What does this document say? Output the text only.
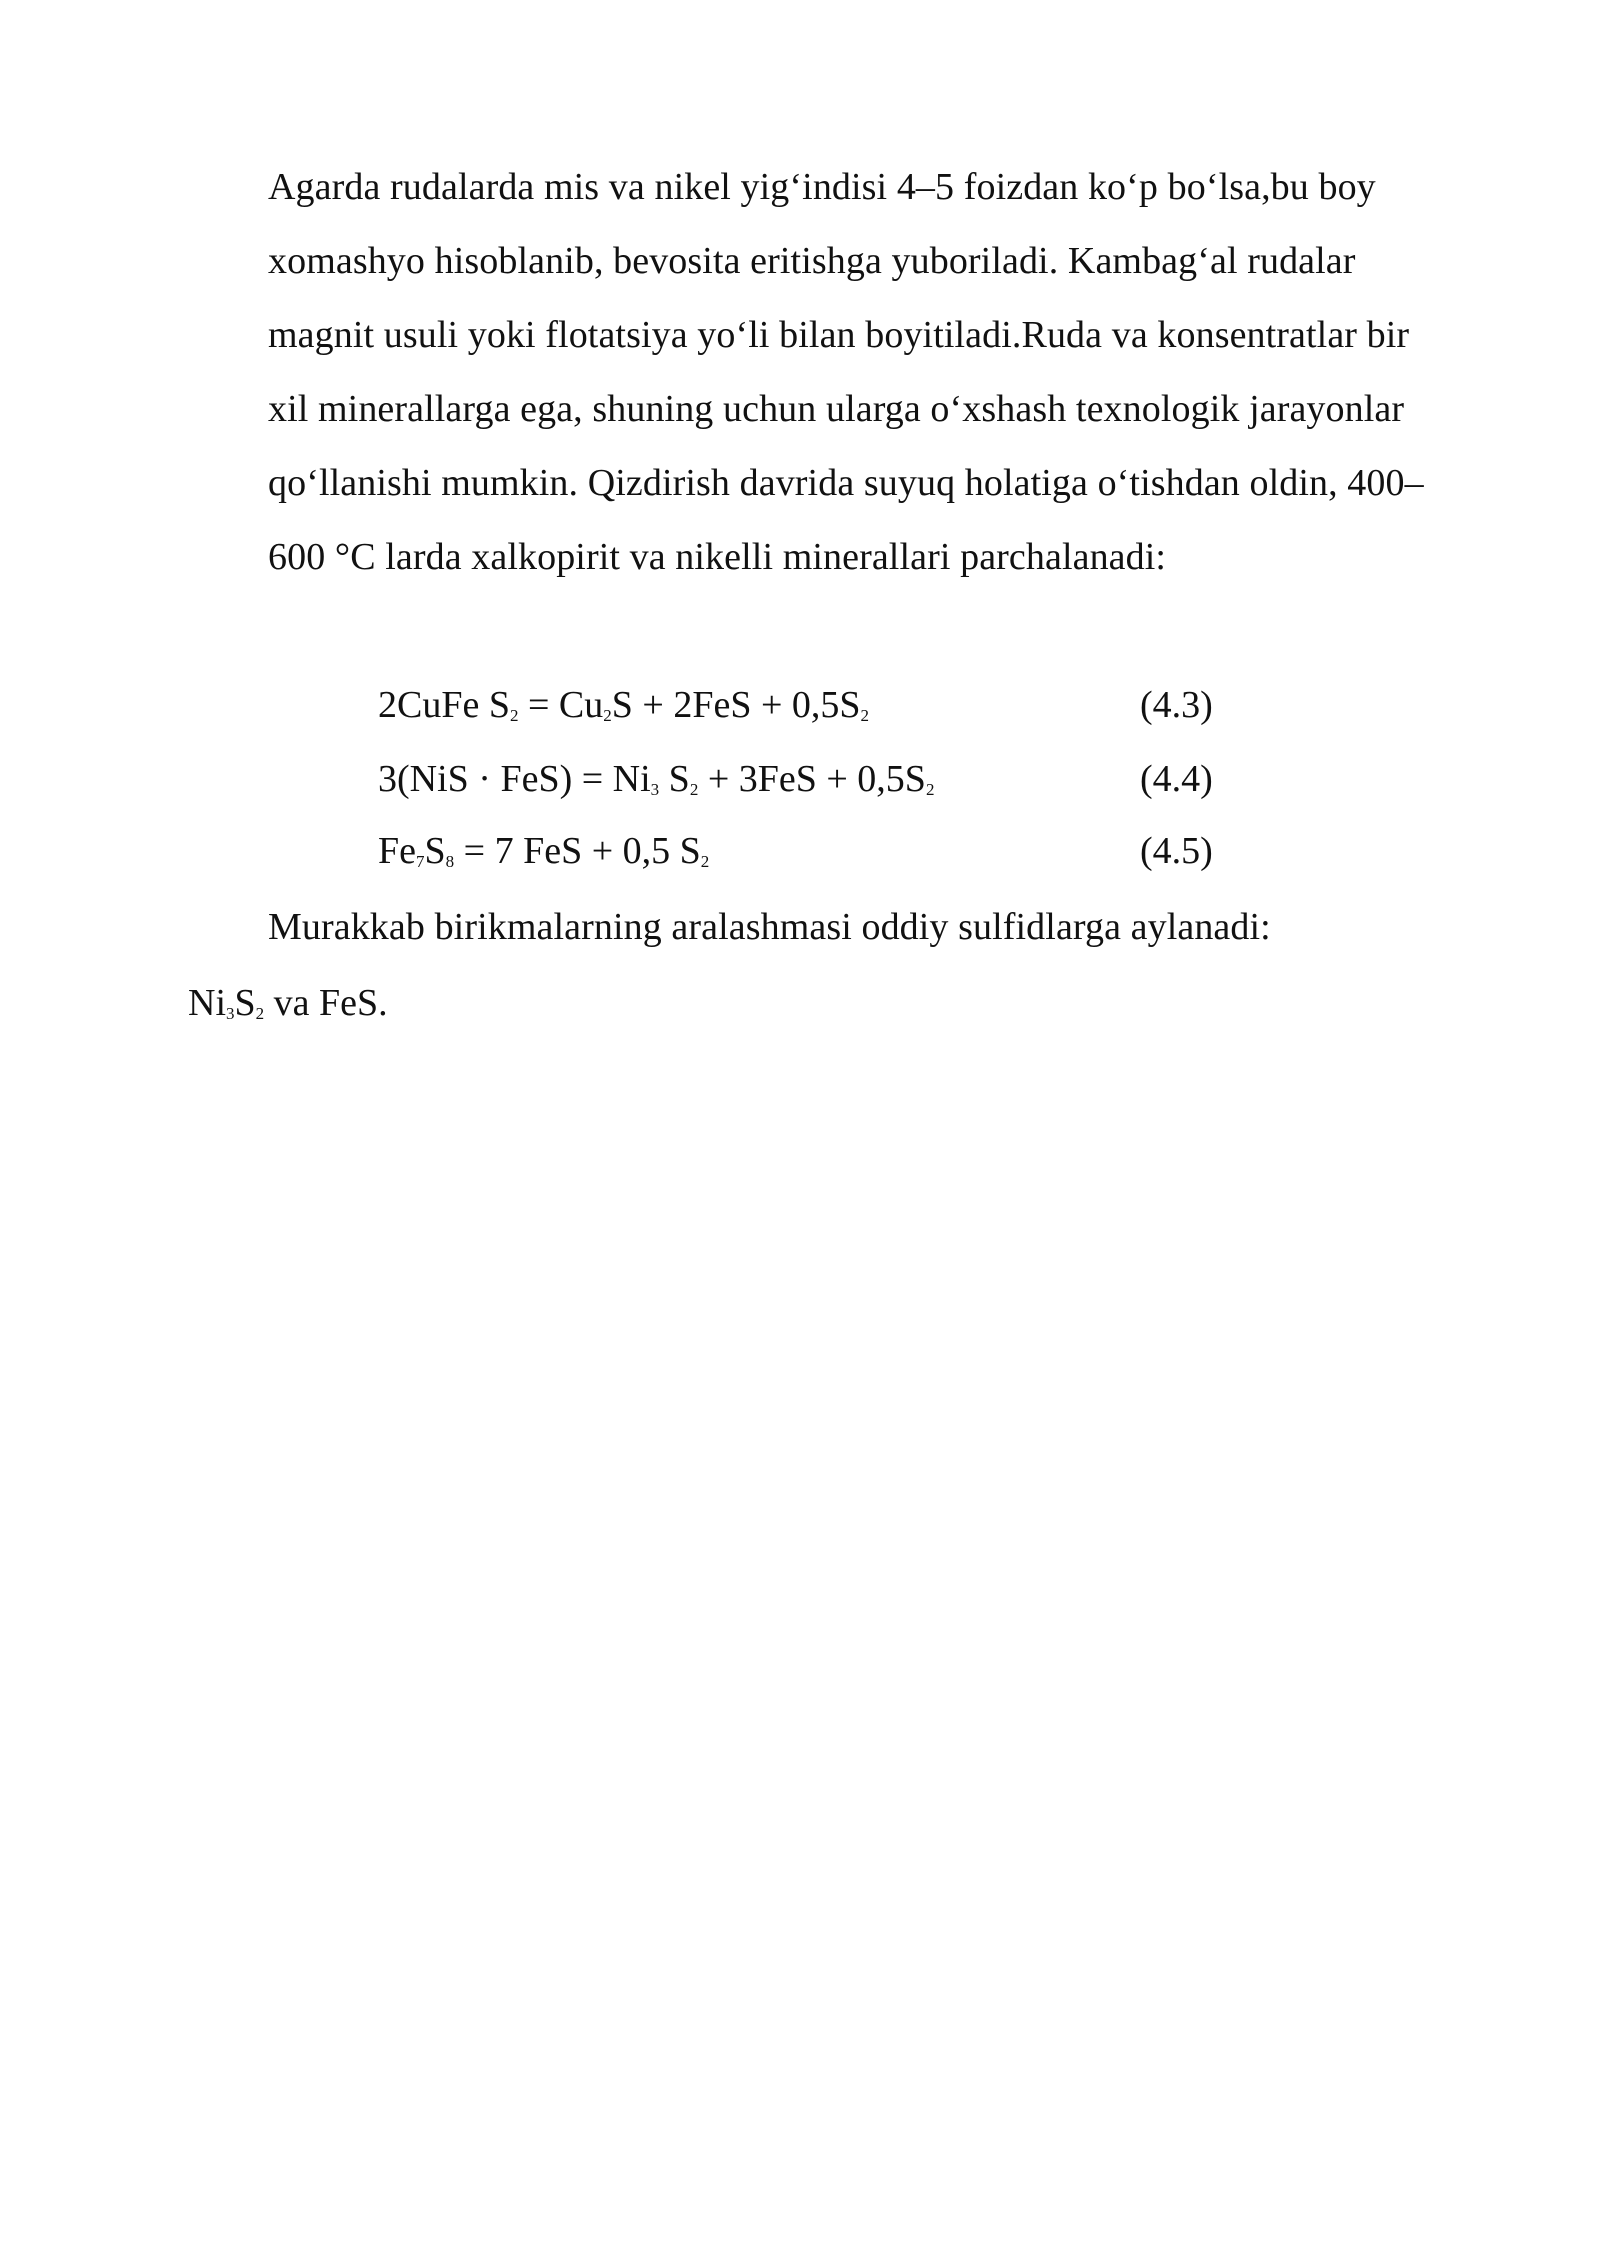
Agarda rudalarda mis va nikel yig‘indisi 4–5 foizdan ko‘p bo‘lsa,bu boy
xomashyo hisoblanib, bevosita eritishga yuboriladi. Kambag‘al rudalar
magnit usuli yoki flotatsiya yo‘li bilan boyitiladi.Ruda va konsentratlar bir
xil minerallarga ega, shuning uchun ularga o‘xshash texnologik jarayonlar
qo‘llanishi mumkin. Qizdirish davrida suyuq holatiga o‘tishdan oldin, 400–
600 °C larda xalkopirit va nikelli minerallari parchalanadi:
2CuFe $S_2 = Cu_2S + 2FeS + 0,5S_2$	(4.3)
$3(NiS \cdot FeS) = Ni_3$ $S_2 + 3FeS + 0,5S_2$	(4.4)
$Fe_7S_8 = 7$ FeS + 0,5 $S_2$	(4.5)
Murakkab birikmalarning aralashmasi oddiy sulfidlarga aylanadi:
$Ni_3S_2$ va FeS.
